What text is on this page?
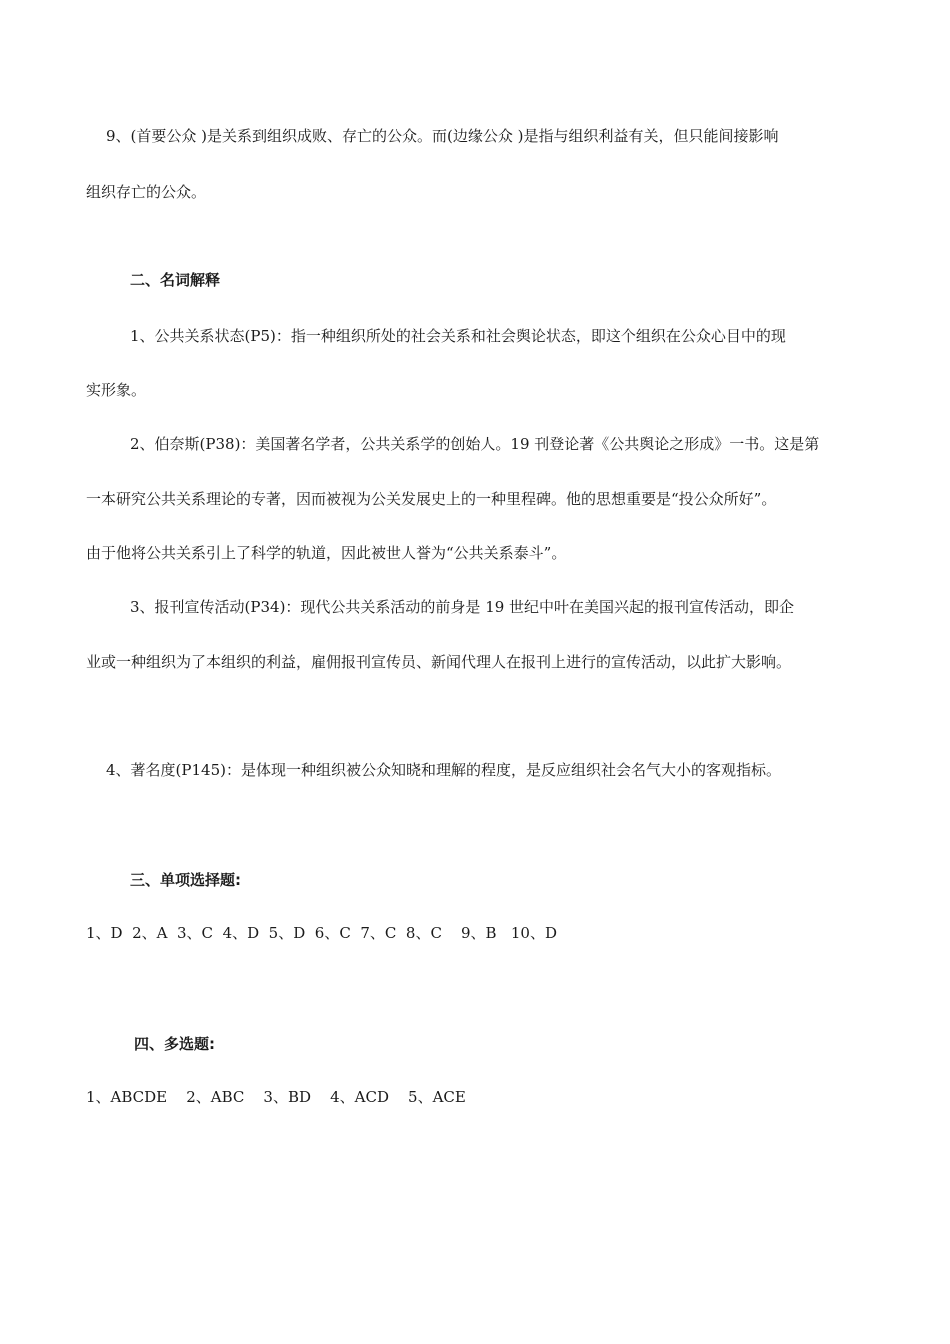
9、(首要公众 )是关系到组织成败、存亡的公众。而(边缘公众 )是指与组织利益有关，但只能间接影响
组织存亡的公众。
二、名词解释
1、公共关系状态(P5)：指一种组织所处的社会关系和社会舆论状态，即这个组织在公众心目中的现
实形象。
2、伯奈斯(P38)：美国著名学者，公共关系学的创始人。19 刊登论著《公共舆论之形成》一书。这是第
一本研究公共关系理论的专著，因而被视为公关发展史上的一种里程碑。他的思想重要是“投公众所好”。
由于他将公共关系引上了科学的轨道，因此被世人誉为“公共关系泰斗”。
3、报刊宣传活动(P34)：现代公共关系活动的前身是 19 世纪中叶在美国兴起的报刊宣传活动，即企
业或一种组织为了本组织的利益，雇佣报刊宣传员、新闻代理人在报刊上进行的宣传活动，以此扩大影响。
4、著名度(P145)：是体现一种组织被公众知晓和理解的程度，是反应组织社会名气大小的客观指标。
三、单项选择题:
1、D  2、A  3、C  4、D  5、D  6、C  7、C  8、C    9、B   10、D
四、多选题:
1、ABCDE    2、ABC    3、BD    4、ACD    5、ACE
